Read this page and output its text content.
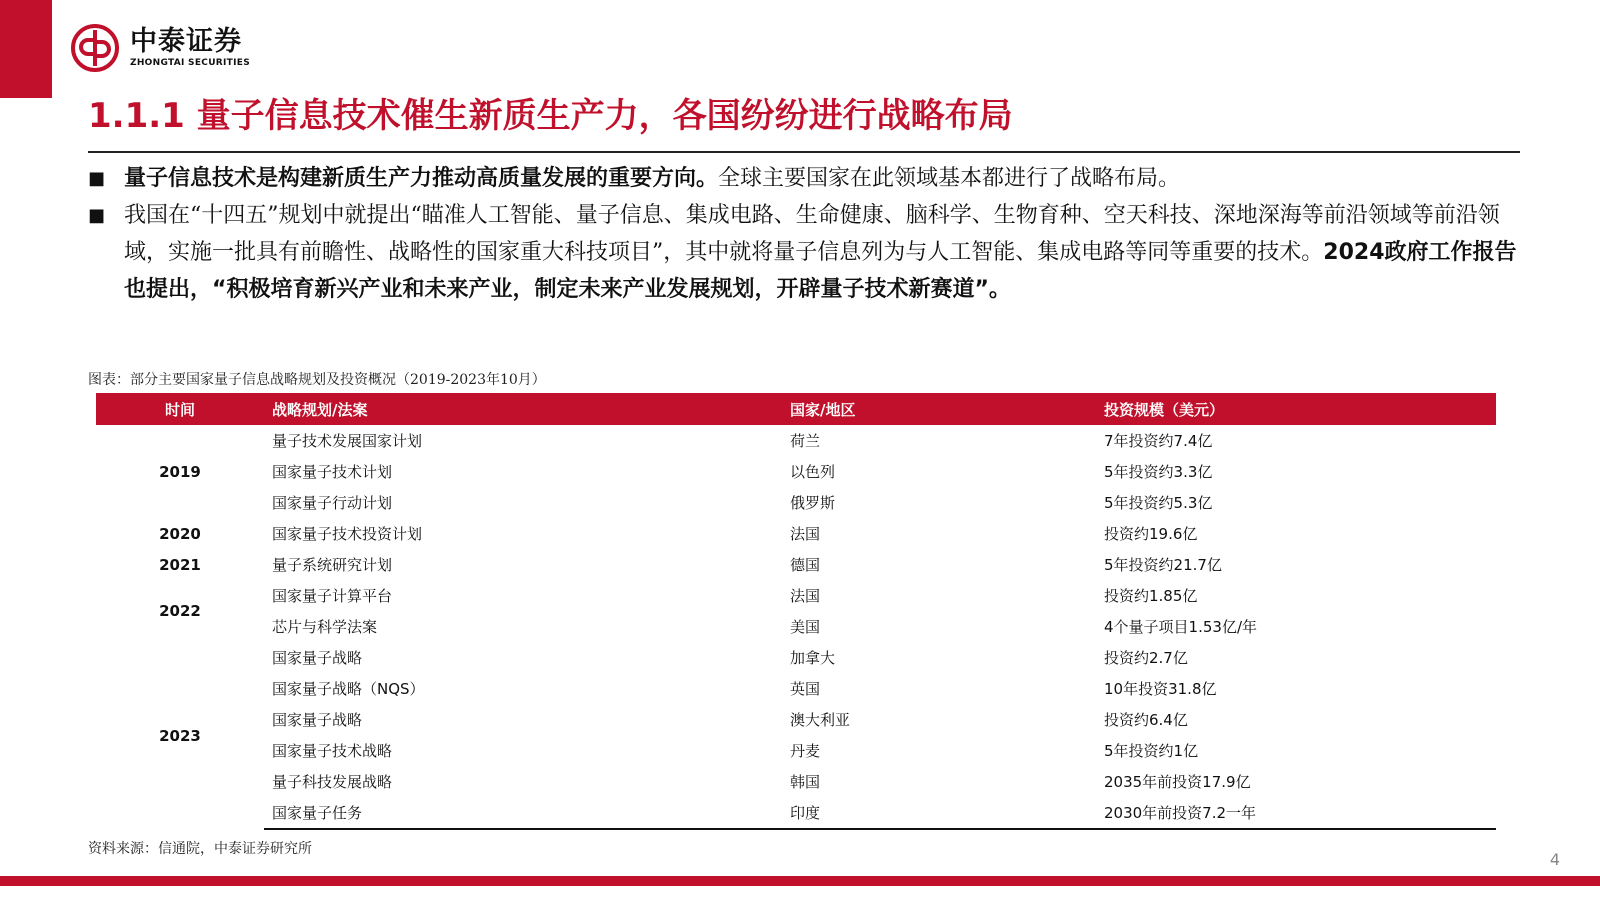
中泰证券
ZHONGTAI SECURITIES
1.1.1 量子信息技术催生新质生产力，各国纷纷进行战略布局
■ 量子信息技术是构建新质生产力推动高质量发展的重要方向。全球主要国家在此领域基本都进行了战略布局。
■ 我国在“十四五”规划中就提出“瞄准人工智能、量子信息、集成电路、生命健康、脑科学、生物育种、空天科技、深地深海等前沿领域等前沿领域，实施一批具有前瞻性、战略性的国家重大科技项目”，其中就将量子信息列为与人工智能、集成电路等同等重要的技术。2024政府工作报告也提出，“积极培育新兴产业和未来产业，制定未来产业发展规划，开辟量子技术新赛道”。
图表：部分主要国家量子信息战略规划及投资概况（2019-2023年10月）
时间	战略规划/法案	国家/地区	投资规模（美元）
2019	量子技术发展国家计划	荷兰	7年投资约7.4亿
	国家量子技术计划	以色列	5年投资约3.3亿
	国家量子行动计划	俄罗斯	5年投资约5.3亿
2020	国家量子技术投资计划	法国	投资约19.6亿
2021	量子系统研究计划	德国	5年投资约21.7亿
2022	国家量子计算平台	法国	投资约1.85亿
	芯片与科学法案	美国	4个量子项目1.53亿/年
2023	国家量子战略	加拿大	投资约2.7亿
	国家量子战略（NQS）	英国	10年投资31.8亿
	国家量子战略	澳大利亚	投资约6.4亿
	国家量子技术战略	丹麦	5年投资约1亿
	量子科技发展战略	韩国	2035年前投资17.9亿
	国家量子任务	印度	2030年前投资7.2一年
资料来源：信通院，中泰证券研究所
4
